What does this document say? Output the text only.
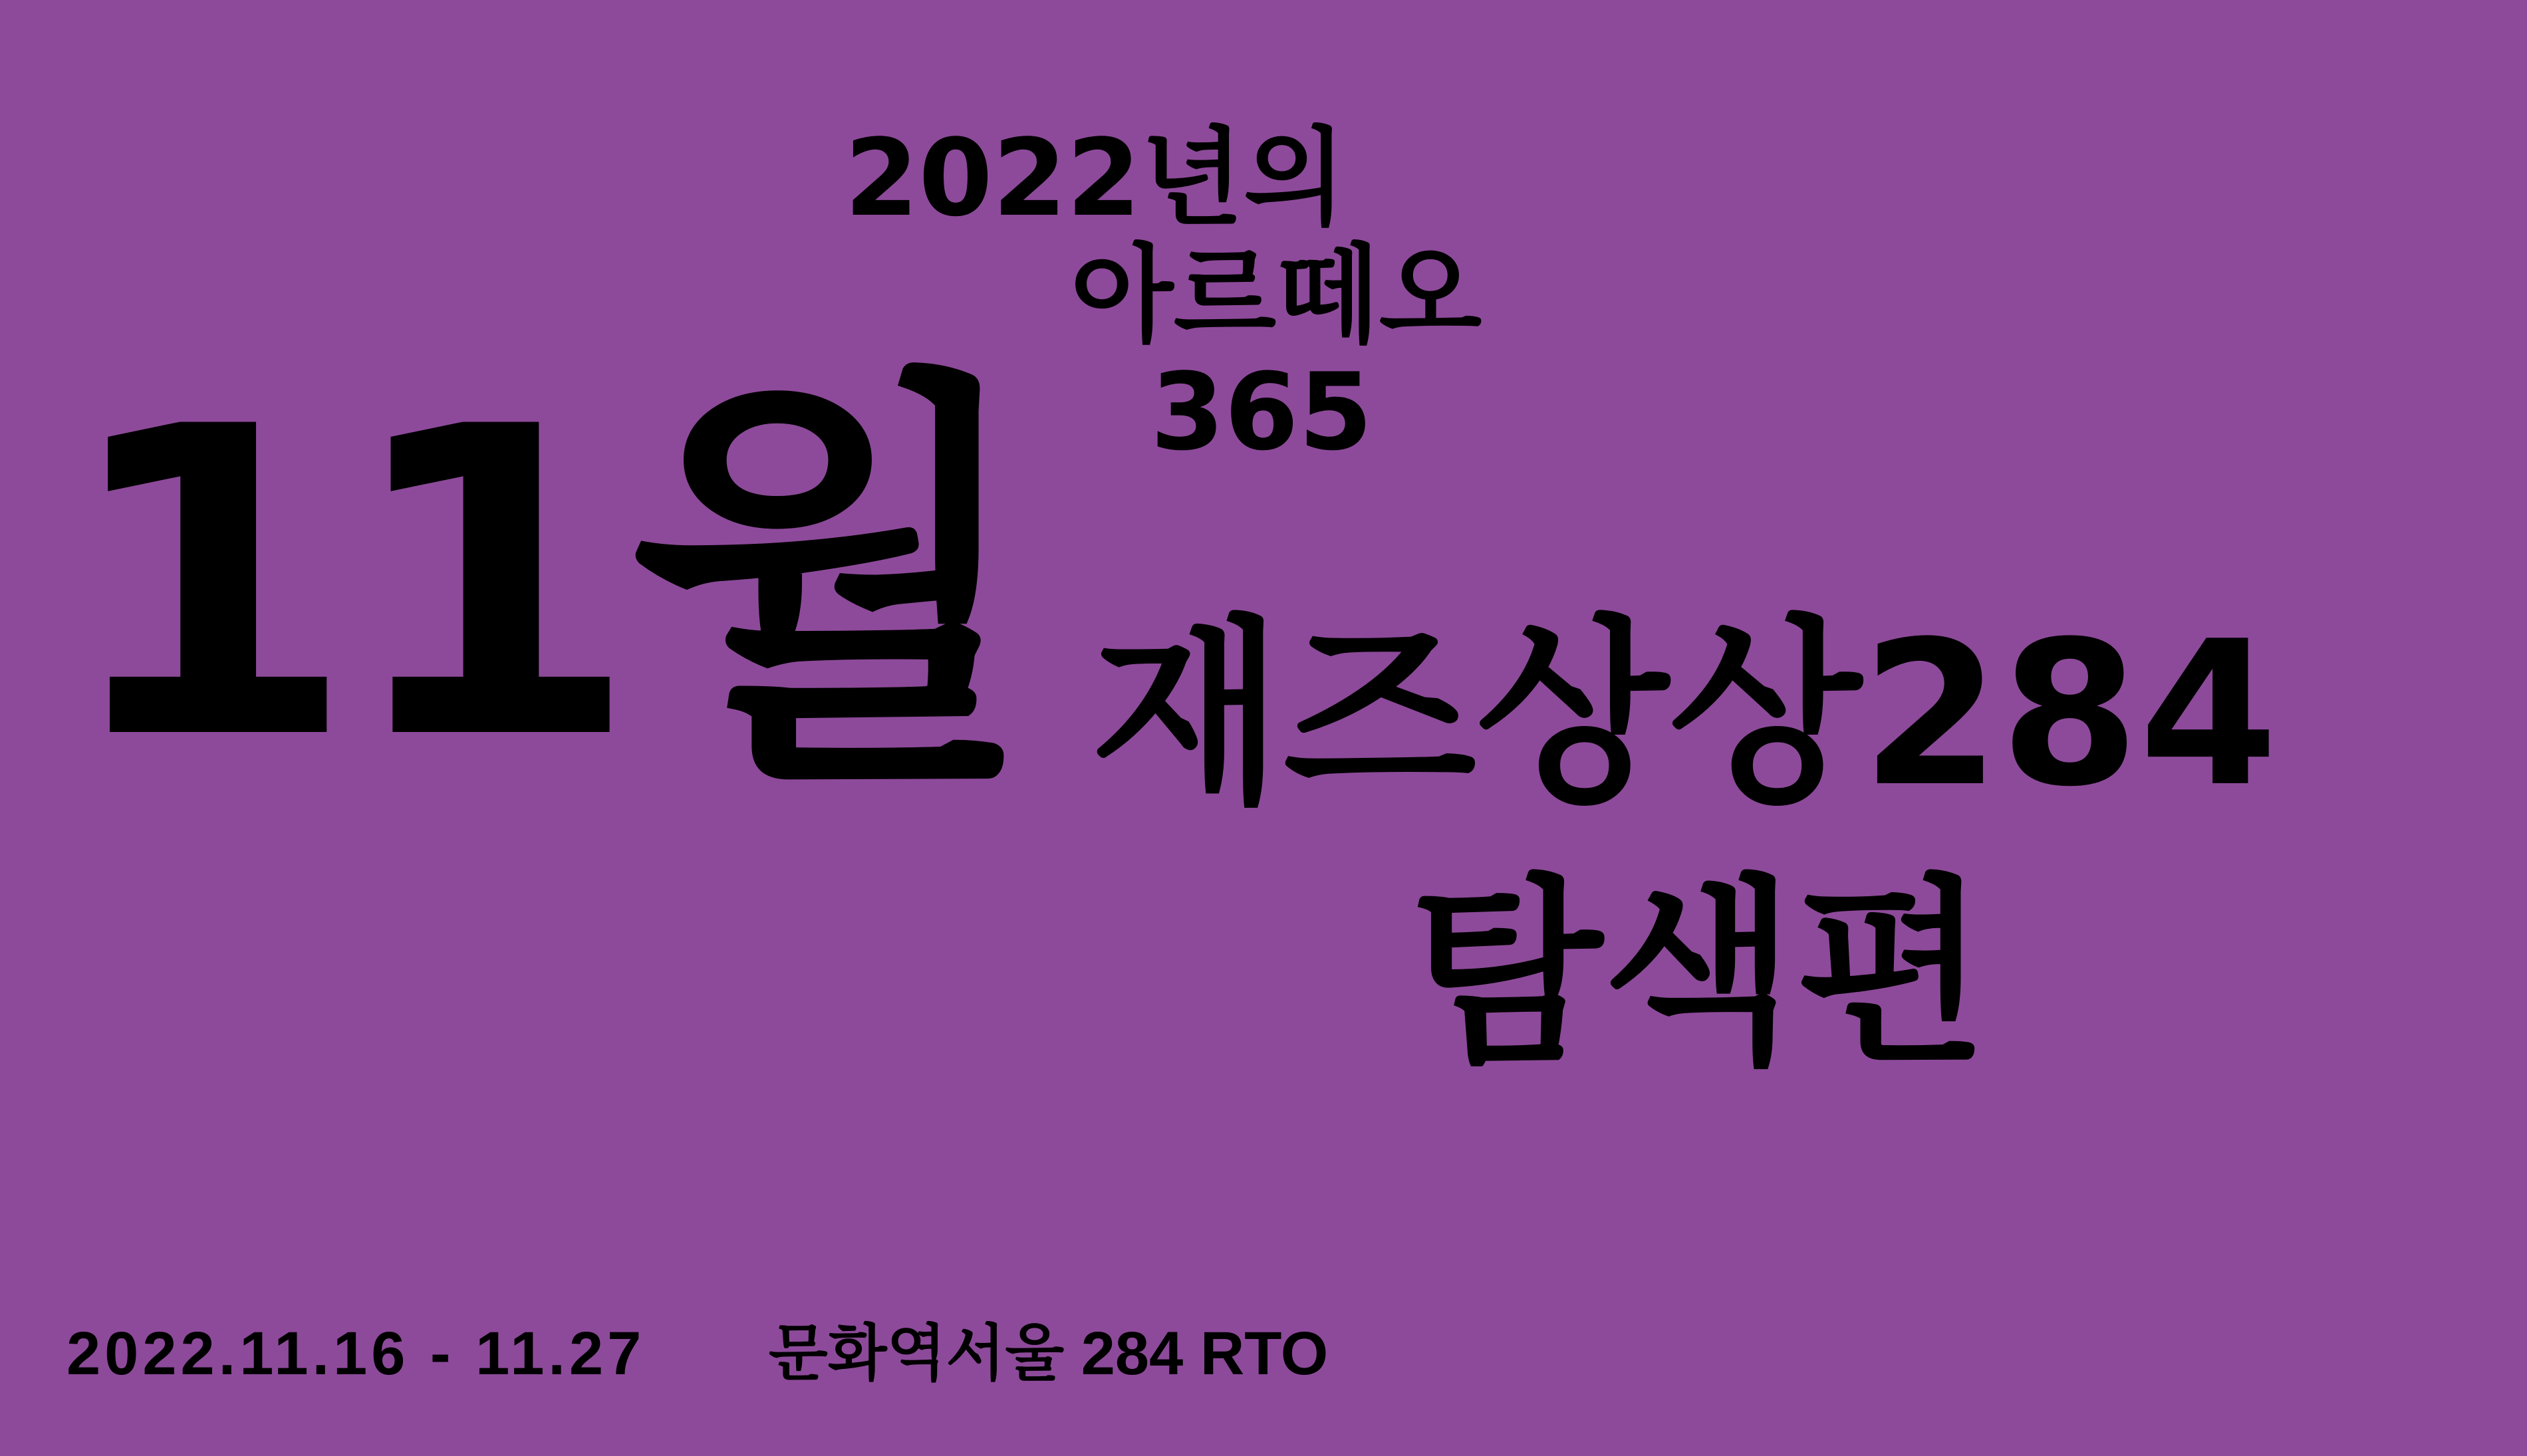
2022년의
아르떼오
365
11월 재즈상상284
탐색편
2022.11.16 - 11.27 문화역서울 284 RTO
